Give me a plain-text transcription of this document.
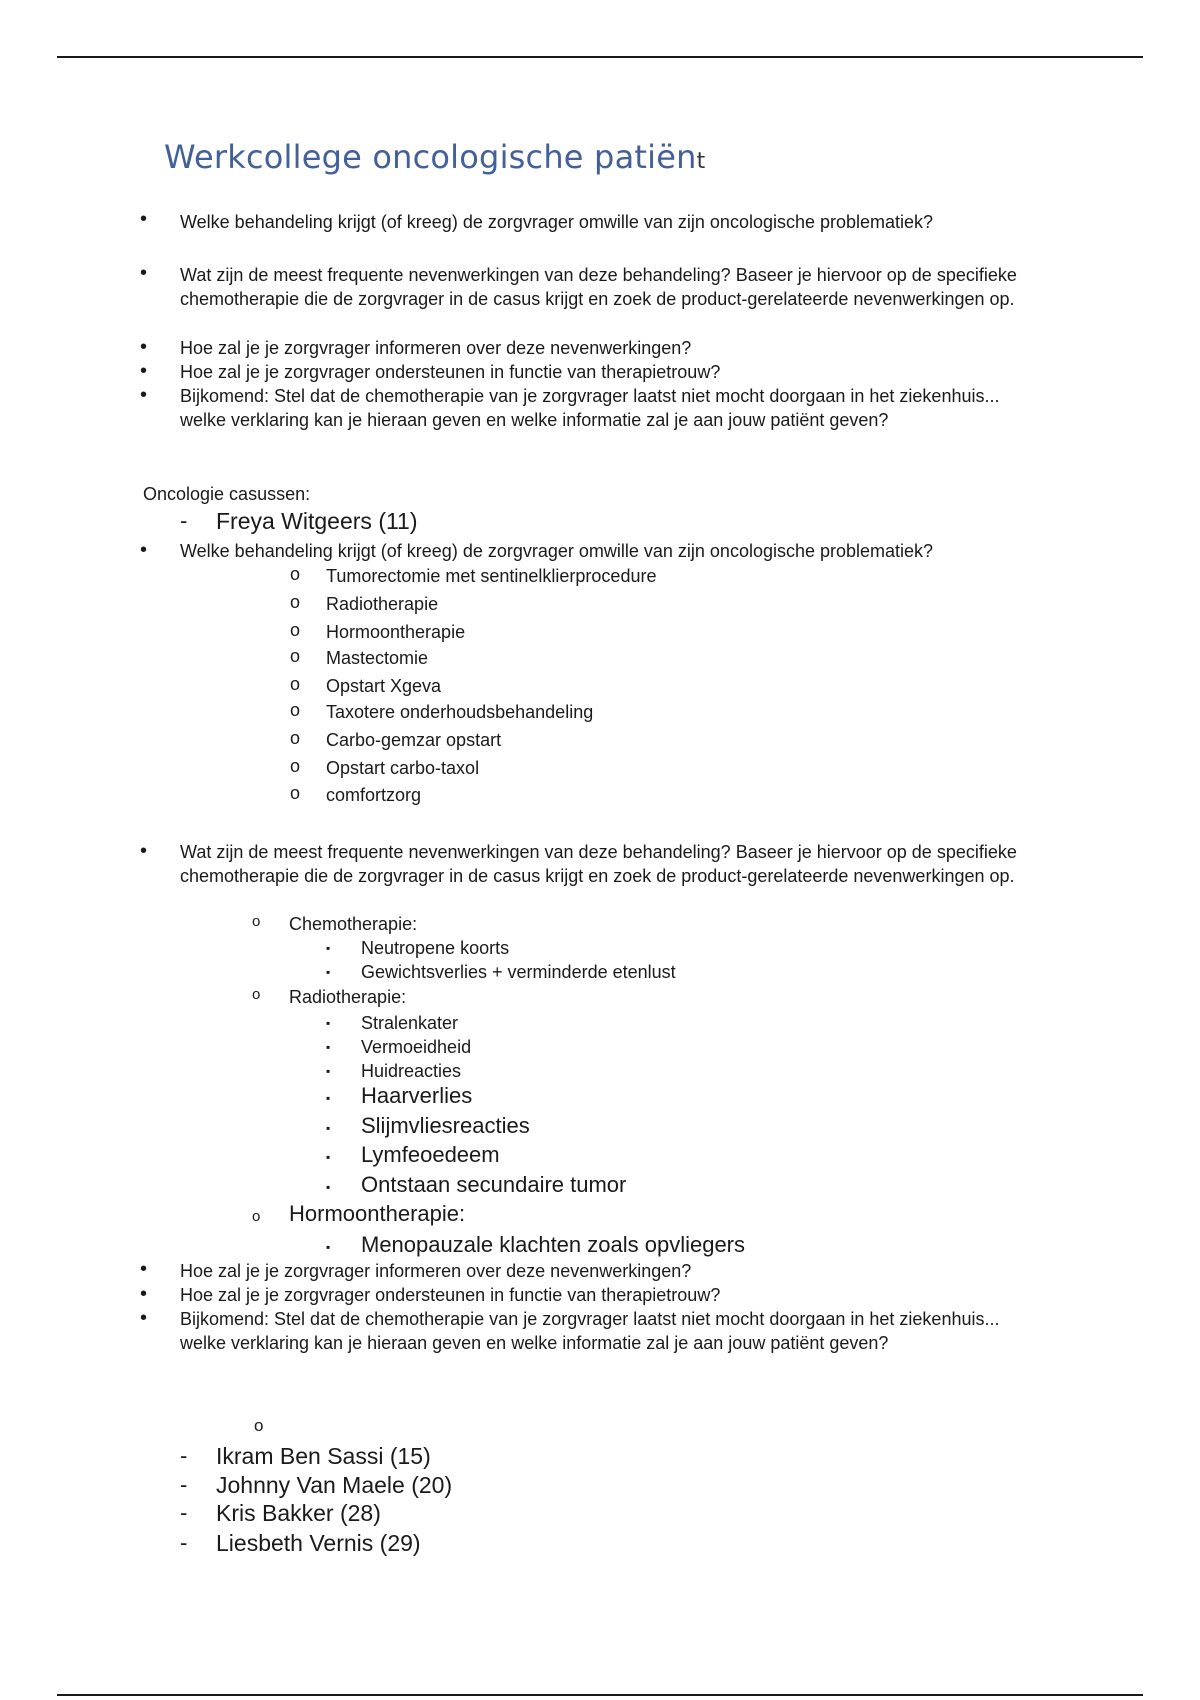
Werkcollege oncologische patiënt
• Welke behandeling krijgt (of kreeg) de zorgvrager omwille van zijn oncologische problematiek?
• Wat zijn de meest frequente nevenwerkingen van deze behandeling? Baseer je hiervoor op de specifieke chemotherapie die de zorgvrager in de casus krijgt en zoek de product-gerelateerde nevenwerkingen op.
• Hoe zal je je zorgvrager informeren over deze nevenwerkingen?
• Hoe zal je je zorgvrager ondersteunen in functie van therapietrouw?
• Bijkomend: Stel dat de chemotherapie van je zorgvrager laatst niet mocht doorgaan in het ziekenhuis... welke verklaring kan je hieraan geven en welke informatie zal je aan jouw patiënt geven?
Oncologie casussen:
- Freya Witgeers (11)
• Welke behandeling krijgt (of kreeg) de zorgvrager omwille van zijn oncologische problematiek?
o Tumorectomie met sentinelklierprocedure
o Radiotherapie
o Hormoontherapie
o Mastectomie
o Opstart Xgeva
o Taxotere onderhoudsbehandeling
o Carbo-gemzar opstart
o Opstart carbo-taxol
o comfortzorg
• Wat zijn de meest frequente nevenwerkingen van deze behandeling? Baseer je hiervoor op de specifieke chemotherapie die de zorgvrager in de casus krijgt en zoek de product-gerelateerde nevenwerkingen op.
o Chemotherapie:
▪ Neutropene koorts
▪ Gewichtsverlies + verminderde etenlust
o Radiotherapie:
▪ Stralenkater
▪ Vermoeidheid
▪ Huidreacties
▪ Haarverlies
▪ Slijmvliesreacties
▪ Lymfeoedeem
▪ Ontstaan secundaire tumor
o Hormoontherapie:
▪ Menopauzale klachten zoals opvliegers
• Hoe zal je je zorgvrager informeren over deze nevenwerkingen?
• Hoe zal je je zorgvrager ondersteunen in functie van therapietrouw?
• Bijkomend: Stel dat de chemotherapie van je zorgvrager laatst niet mocht doorgaan in het ziekenhuis... welke verklaring kan je hieraan geven en welke informatie zal je aan jouw patiënt geven?
o
- Ikram Ben Sassi (15)
- Johnny Van Maele (20)
- Kris Bakker (28)
- Liesbeth Vernis (29)
